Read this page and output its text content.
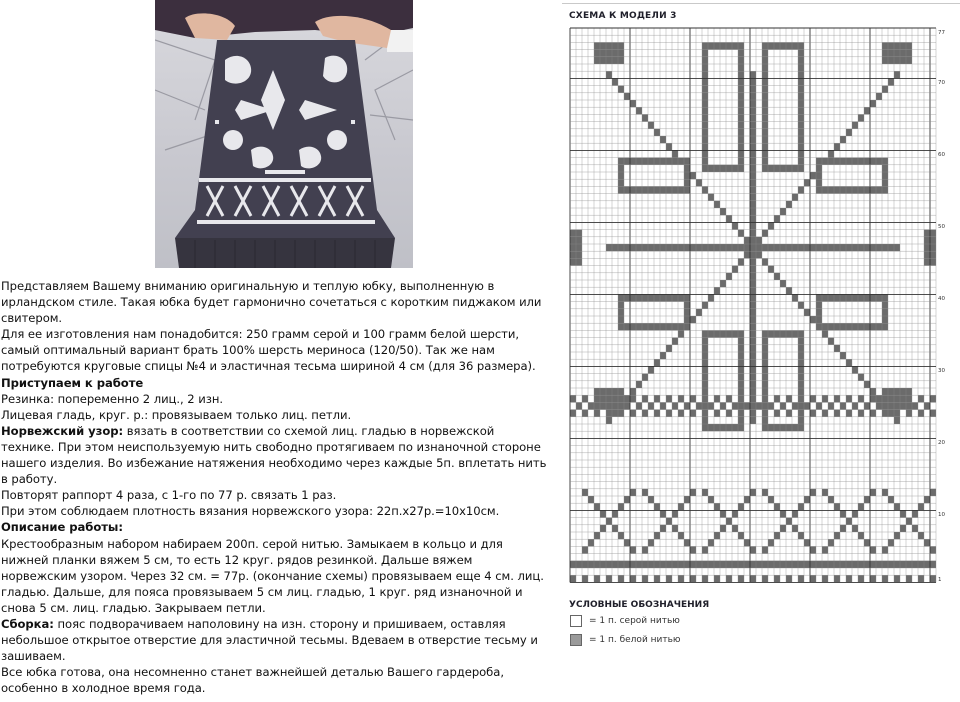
Представляем Вашему вниманию оригинальную и теплую юбку, выполненную в ирландском стиле. Такая юбка будет гармонично сочетаться с коротким пиджаком или свитером.

Для ее изготовления нам понадобится: 250 грамм серой и 100 грамм белой шерсти, самый оптимальный вариант брать 100% шерсть мериноса (120/50). Так же нам потребуются круговые спицы №4 и эластичная тесьма шириной 4 см (для 36 размера).

Приступаем к работе

Резинка: попеременно 2 лиц., 2 изн.

Лицевая гладь, круг. р.: провязываем только лиц. петли.

Норвежский узор: вязать в соответствии со схемой лиц. гладью в норвежской технике. При этом неиспользуемую нить свободно протягиваем по изнаночной стороне нашего изделия. Во избежание натяжения необходимо через каждые 5п. вплетать нить в работу.

Повторят раппорт 4 раза, с 1-го по 77 р. связать 1 раз.

При этом соблюдаем плотность вязания норвежского узора: 22п.х27р.=10х10см.

Описание работы:

Крестообразным набором набираем 200п. серой нитью. Замыкаем в кольцо и для нижней планки вяжем 5 см, то есть 12 круг. рядов резинкой. Дальше вяжем норвежским узором. Через 32 см. = 77р. (окончание схемы) провязываем еще 4 см. лиц. гладью. Дальше, для пояса провязываем 5 см лиц. гладью, 1 круг. ряд изнаночной и снова 5 см. лиц. гладью. Закрываем петли.

Сборка: пояс подворачиваем наполовину на изн. сторону и пришиваем, оставляя небольшое открытое отверстие для эластичной тесьмы. Вдеваем в отверстие тесьму и зашиваем.

Все юбка готова, она несомненно станет важнейшей деталью Вашего гардероба, особенно в холодное время года.

СХЕМА К МОДЕЛИ 3
77
70
60
50
40
30
20
10
1
УСЛОВНЫЕ ОБОЗНАЧЕНИЯ
= 1 п. серой нитью
= 1 п. белой нитью
